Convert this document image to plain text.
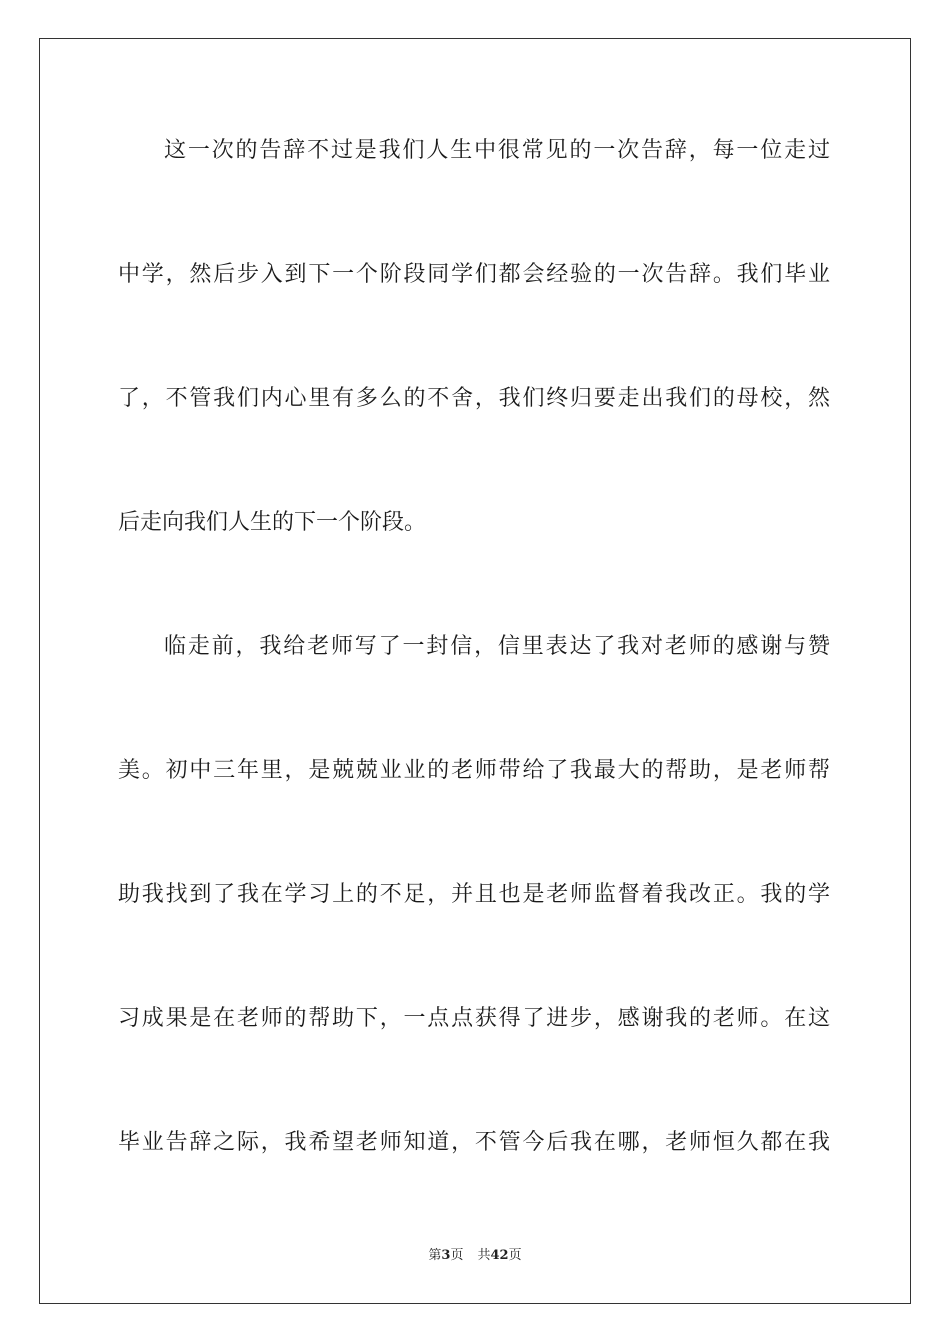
这一次的告辞不过是我们人生中很常见的一次告辞，每一位走过
中学，然后步入到下一个阶段同学们都会经验的一次告辞。我们毕业
了，不管我们内心里有多么的不舍，我们终归要走出我们的母校，然
后走向我们人生的下一个阶段。
临走前，我给老师写了一封信，信里表达了我对老师的感谢与赞
美。初中三年里，是兢兢业业的老师带给了我最大的帮助，是老师帮
助我找到了我在学习上的不足，并且也是老师监督着我改正。我的学
习成果是在老师的帮助下，一点点获得了进步，感谢我的老师。在这
毕业告辞之际，我希望老师知道，不管今后我在哪，老师恒久都在我
第3页 共42页
